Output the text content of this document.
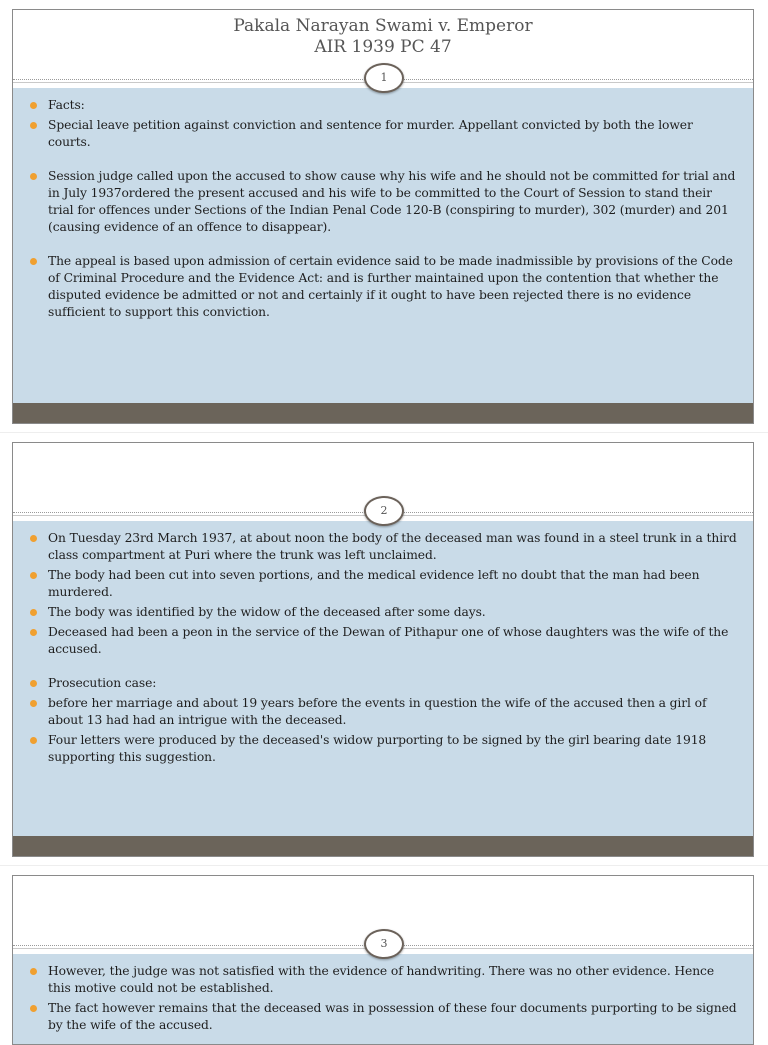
Pakala Narayan Swami v. Emperor
AIR 1939 PC 47
1
Facts:
Special leave petition against conviction and sentence for murder. Appellant convicted by both the lower courts.
Session judge called upon the accused to show cause why his wife and he should not be committed for trial and in July 1937ordered the present accused and his wife to be committed to the Court of Session to stand their trial for offences under Sections of the Indian Penal Code 120-B (conspiring to murder), 302 (murder) and 201 (causing evidence of an offence to disappear).
The appeal is based upon admission of certain evidence said to be made inadmissible by provisions of the Code of Criminal Procedure and the Evidence Act: and is further maintained upon the contention that whether the disputed evidence be admitted or not and certainly if it ought to have been rejected there is no evidence sufficient to support this conviction.
2
On Tuesday 23rd March 1937, at about noon the body of the deceased man was found in a steel trunk in a third class compartment at Puri where the trunk was left unclaimed.
The body had been cut into seven portions, and the medical evidence left no doubt that the man had been murdered.
The body was identified by the widow of the deceased after some days.
Deceased had been a peon in the service of the Dewan of Pithapur one of whose daughters was the wife of the accused.
Prosecution case:
before her marriage and about 19 years before the events in question the wife of the accused then a girl of about 13 had had an intrigue with the deceased.
Four letters were produced by the deceased's widow purporting to be signed by the girl bearing date 1918 supporting this suggestion.
3
However, the judge was not satisfied with the evidence of handwriting. There was no other evidence. Hence this motive could not be established.
The fact however remains that the deceased was in possession of these four documents purporting to be signed by the wife of the accused.
